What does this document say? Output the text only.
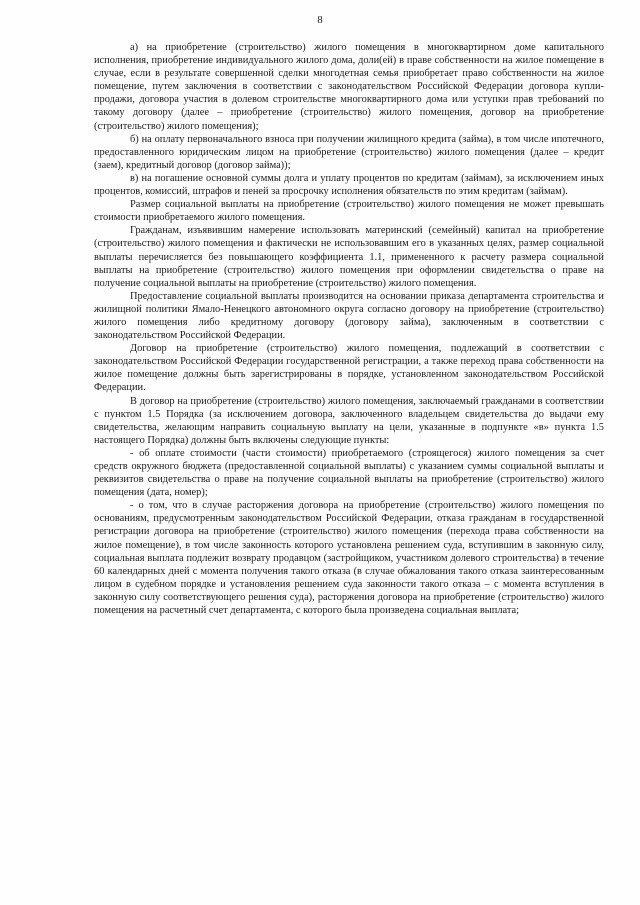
8

а) на приобретение (строительство) жилого помещения в многоквартирном доме капитального исполнения, приобретение индивидуального жилого дома, доли(ей) в праве собственности на жилое помещение в случае, если в результате совершенной сделки многодетная семья приобретает право собственности на жилое помещение, путем заключения в соответствии с законодательством Российской Федерации договора купли-продажи, договора участия в долевом строительстве многоквартирного дома или уступки прав требований по такому договору (далее – приобретение (строительство) жилого помещения, договор на приобретение (строительство) жилого помещения);

б) на оплату первоначального взноса при получении жилищного кредита (займа), в том числе ипотечного, предоставленного юридическим лицом на приобретение (строительство) жилого помещения (далее – кредит (заем), кредитный договор (договор займа));

в) на погашение основной суммы долга и уплату процентов по кредитам (займам), за исключением иных процентов, комиссий, штрафов и пеней за просрочку исполнения обязательств по этим кредитам (займам).

Размер социальной выплаты на приобретение (строительство) жилого помещения не может превышать стоимости приобретаемого жилого помещения.

Гражданам, изъявившим намерение использовать материнский (семейный) капитал на приобретение (строительство) жилого помещения и фактически не использовавшим его в указанных целях, размер социальной выплаты перечисляется без повышающего коэффициента 1.1, примененного к расчету размера социальной выплаты на приобретение (строительство) жилого помещения при оформлении свидетельства о праве на получение социальной выплаты на приобретение (строительство) жилого помещения.

Предоставление социальной выплаты производится на основании приказа департамента строительства и жилищной политики Ямало-Ненецкого автономного округа согласно договору на приобретение (строительство) жилого помещения либо кредитному договору (договору займа), заключенным в соответствии с законодательством Российской Федерации.

Договор на приобретение (строительство) жилого помещения, подлежащий в соответствии с законодательством Российской Федерации государственной регистрации, а также переход права собственности на жилое помещение должны быть зарегистрированы в порядке, установленном законодательством Российской Федерации.

В договор на приобретение (строительство) жилого помещения, заключаемый гражданами в соответствии с пунктом 1.5 Порядка (за исключением договора, заключенного владельцем свидетельства до выдачи ему свидетельства, желающим направить социальную выплату на цели, указанные в подпункте «в» пункта 1.5 настоящего Порядка) должны быть включены следующие пункты:

- об оплате стоимости (части стоимости) приобретаемого (строящегося) жилого помещения за счет средств окружного бюджета (предоставленной социальной выплаты) с указанием суммы социальной выплаты и реквизитов свидетельства о праве на получение социальной выплаты на приобретение (строительство) жилого помещения (дата, номер);

- о том, что в случае расторжения договора на приобретение (строительство) жилого помещения по основаниям, предусмотренным законодательством Российской Федерации, отказа гражданам в государственной регистрации договора на приобретение (строительство) жилого помещения (перехода права собственности на жилое помещение), в том числе законность которого установлена решением суда, вступившим в законную силу, социальная выплата подлежит возврату продавцом (застройщиком, участником долевого строительства) в течение 60 календарных дней с момента получения такого отказа (в случае обжалования такого отказа заинтересованным лицом в судебном порядке и установления решением суда законности такого отказа – с момента вступления в законную силу соответствующего решения суда), расторжения договора на приобретение (строительство) жилого помещения на расчетный счет департамента, с которого была произведена социальная выплата;
